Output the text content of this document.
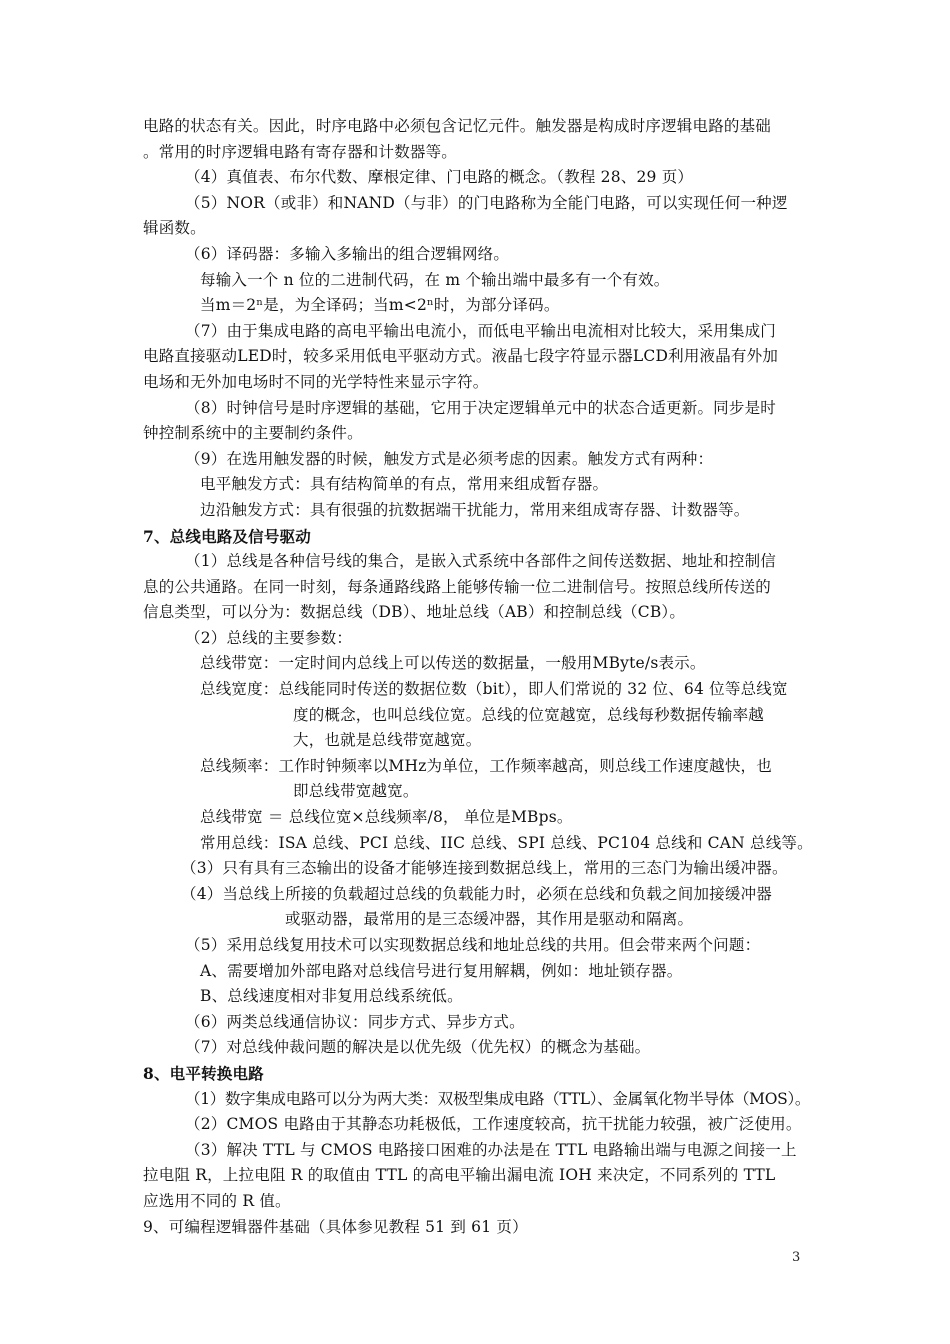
电路的状态有关。因此，时序电路中必须包含记忆元件。触发器是构成时序逻辑电路的基础
。常用的时序逻辑电路有寄存器和计数器等。
（4）真值表、布尔代数、摩根定律、门电路的概念。（教程 28、29 页）
（5）NOR（或非）和NAND（与非）的门电路称为全能门电路，可以实现任何一种逻
辑函数。
（6）译码器：多输入多输出的组合逻辑网络。
每输入一个 n 位的二进制代码，在 m 个输出端中最多有一个有效。
当m＝2ⁿ是，为全译码；当m<2ⁿ时，为部分译码。
（7）由于集成电路的高电平输出电流小，而低电平输出电流相对比较大，采用集成门
电路直接驱动LED时，较多采用低电平驱动方式。液晶七段字符显示器LCD利用液晶有外加
电场和无外加电场时不同的光学特性来显示字符。
（8）时钟信号是时序逻辑的基础，它用于决定逻辑单元中的状态合适更新。同步是时
钟控制系统中的主要制约条件。
（9）在选用触发器的时候，触发方式是必须考虑的因素。触发方式有两种：
电平触发方式：具有结构简单的有点，常用来组成暂存器。
边沿触发方式：具有很强的抗数据端干扰能力，常用来组成寄存器、计数器等。
7、总线电路及信号驱动
（1）总线是各种信号线的集合，是嵌入式系统中各部件之间传送数据、地址和控制信
息的公共通路。在同一时刻，每条通路线路上能够传输一位二进制信号。按照总线所传送的
信息类型，可以分为：数据总线（DB）、地址总线（AB）和控制总线（CB）。
（2）总线的主要参数：
总线带宽：一定时间内总线上可以传送的数据量，一般用MByte/s表示。
总线宽度：总线能同时传送的数据位数（bit），即人们常说的 32 位、64 位等总线宽
度的概念，也叫总线位宽。总线的位宽越宽，总线每秒数据传输率越
大，也就是总线带宽越宽。
总线频率：工作时钟频率以MHz为单位，工作频率越高，则总线工作速度越快，也
即总线带宽越宽。
总线带宽 ＝ 总线位宽×总线频率/8， 单位是MBps。
常用总线：ISA 总线、PCI 总线、IIC 总线、SPI 总线、PC104 总线和 CAN 总线等。
（3）只有具有三态输出的设备才能够连接到数据总线上，常用的三态门为输出缓冲器。
（4）当总线上所接的负载超过总线的负载能力时，必须在总线和负载之间加接缓冲器
或驱动器，最常用的是三态缓冲器，其作用是驱动和隔离。
（5）采用总线复用技术可以实现数据总线和地址总线的共用。但会带来两个问题：
A、需要增加外部电路对总线信号进行复用解耦，例如：地址锁存器。
B、总线速度相对非复用总线系统低。
（6）两类总线通信协议：同步方式、异步方式。
（7）对总线仲裁问题的解决是以优先级（优先权）的概念为基础。
8、电平转换电路
（1）数字集成电路可以分为两大类：双极型集成电路（TTL）、金属氧化物半导体（MOS）。
（2）CMOS 电路由于其静态功耗极低，工作速度较高，抗干扰能力较强，被广泛使用。
（3）解决 TTL 与 CMOS 电路接口困难的办法是在 TTL 电路输出端与电源之间接一上
拉电阻 R，上拉电阻 R 的取值由 TTL 的高电平输出漏电流 IOH 来决定，不同系列的 TTL
应选用不同的 R 值。
9、可编程逻辑器件基础（具体参见教程 51 到 61 页）
3
